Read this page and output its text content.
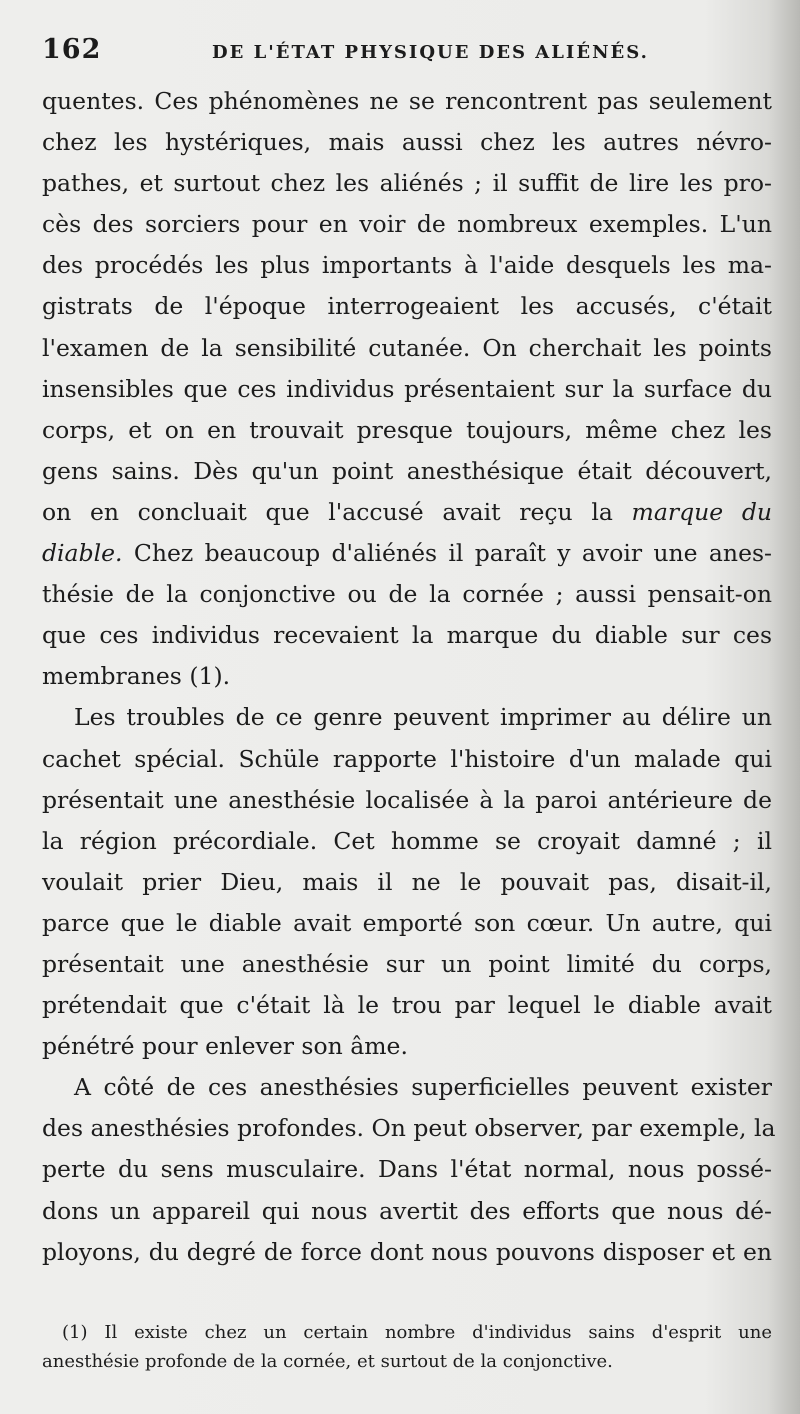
162	DE L'ÉTAT PHYSIQUE DES ALIÉNÉS.
quentes. Ces phénomènes ne se rencontrent pas seulement
chez les hystériques, mais aussi chez les autres névro-
pathes, et surtout chez les aliénés ; il suffit de lire les pro-
cès des sorciers pour en voir de nombreux exemples. L'un
des procédés les plus importants à l'aide desquels les ma-
gistrats de l'époque interrogeaient les accusés, c'était
l'examen de la sensibilité cutanée. On cherchait les points
insensibles que ces individus présentaient sur la surface du
corps, et on en trouvait presque toujours, même chez les
gens sains. Dès qu'un point anesthésique était découvert,
on en concluait que l'accusé avait reçu la marque du
diable. Chez beaucoup d'aliénés il paraît y avoir une anes-
thésie de la conjonctive ou de la cornée ; aussi pensait-on
que ces individus recevaient la marque du diable sur ces
membranes (1).
Les troubles de ce genre peuvent imprimer au délire un
cachet spécial. Schüle rapporte l'histoire d'un malade qui
présentait une anesthésie localisée à la paroi antérieure de
la région précordiale. Cet homme se croyait damné ; il
voulait prier Dieu, mais il ne le pouvait pas, disait-il,
parce que le diable avait emporté son cœur. Un autre, qui
présentait une anesthésie sur un point limité du corps,
prétendait que c'était là le trou par lequel le diable avait
pénétré pour enlever son âme.
A côté de ces anesthésies superficielles peuvent exister
des anesthésies profondes. On peut observer, par exemple, la
perte du sens musculaire. Dans l'état normal, nous possé-
dons un appareil qui nous avertit des efforts que nous dé-
ployons, du degré de force dont nous pouvons disposer et en
(1) Il existe chez un certain nombre d'individus sains d'esprit une
anesthésie profonde de la cornée, et surtout de la conjonctive.
